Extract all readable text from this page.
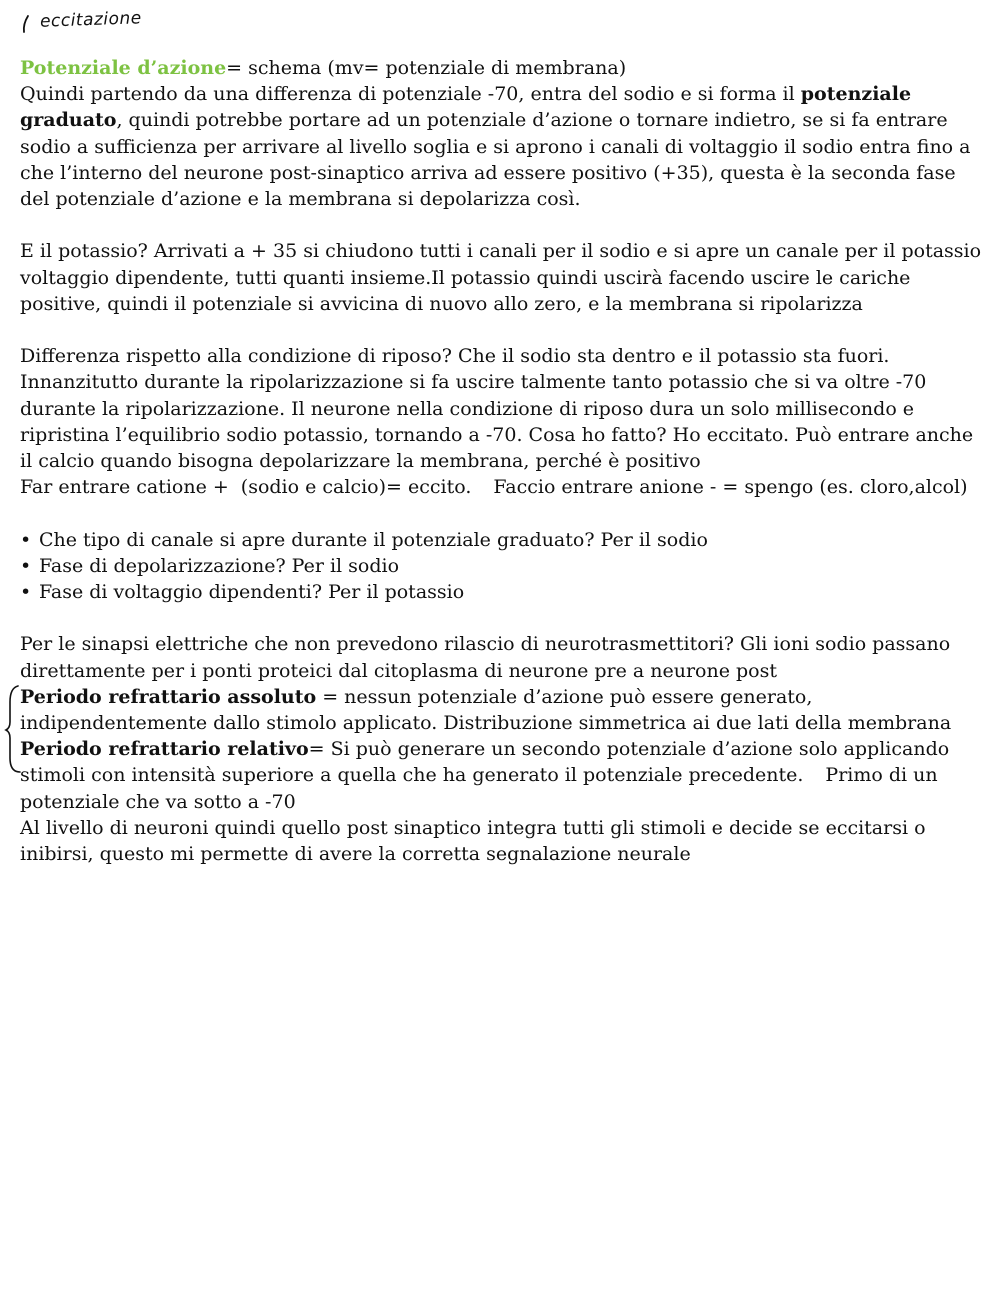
eccitazione

Potenziale d’azione= schema (mv= potenziale di membrana)

Quindi partendo da una differenza di potenziale -70, entra del sodio e si forma il potenziale graduato, quindi potrebbe portare ad un potenziale d’azione o tornare indietro, se si fa entrare sodio a sufficienza per arrivare al livello soglia e si aprono i canali di voltaggio il sodio entra fino a che l’interno del neurone post-sinaptico arriva ad essere positivo (+35), questa è la seconda fase del potenziale d’azione e la membrana si depolarizza così.

E il potassio? Arrivati a + 35 si chiudono tutti i canali per il sodio e si apre un canale per il potassio voltaggio dipendente, tutti quanti insieme.Il potassio quindi uscirà facendo uscire le cariche positive, quindi il potenziale si avvicina di nuovo allo zero, e la membrana si ripolarizza

Differenza rispetto alla condizione di riposo? Che il sodio sta dentro e il potassio sta fuori. Innanzitutto durante la ripolarizzazione si fa uscire talmente tanto potassio che si va oltre -70 durante la ripolarizzazione. Il neurone nella condizione di riposo dura un solo millisecondo e ripristina l’equilibrio sodio potassio, tornando a -70. Cosa ho fatto? Ho eccitato. Può entrare anche il calcio quando bisogna depolarizzare la membrana, perché è positivo

Far entrare catione + (sodio e calcio)= eccito. Faccio entrare anione - = spengo (es. cloro,alcol)

• Che tipo di canale si apre durante il potenziale graduato? Per il sodio
• Fase di depolarizzazione? Per il sodio
• Fase di voltaggio dipendenti? Per il potassio

Per le sinapsi elettriche che non prevedono rilascio di neurotrasmettitori? Gli ioni sodio passano direttamente per i ponti proteici dal citoplasma di neurone pre a neurone post

Periodo refrattario assoluto = nessun potenziale d’azione può essere generato, indipendentemente dallo stimolo applicato. Distribuzione simmetrica ai due lati della membrana

Periodo refrattario relativo= Si può generare un secondo potenziale d’azione solo applicando stimoli con intensità superiore a quella che ha generato il potenziale precedente. Primo di un potenziale che va sotto a -70

Al livello di neuroni quindi quello post sinaptico integra tutti gli stimoli e decide se eccitarsi o inibirsi, questo mi permette di avere la corretta segnalazione neurale
